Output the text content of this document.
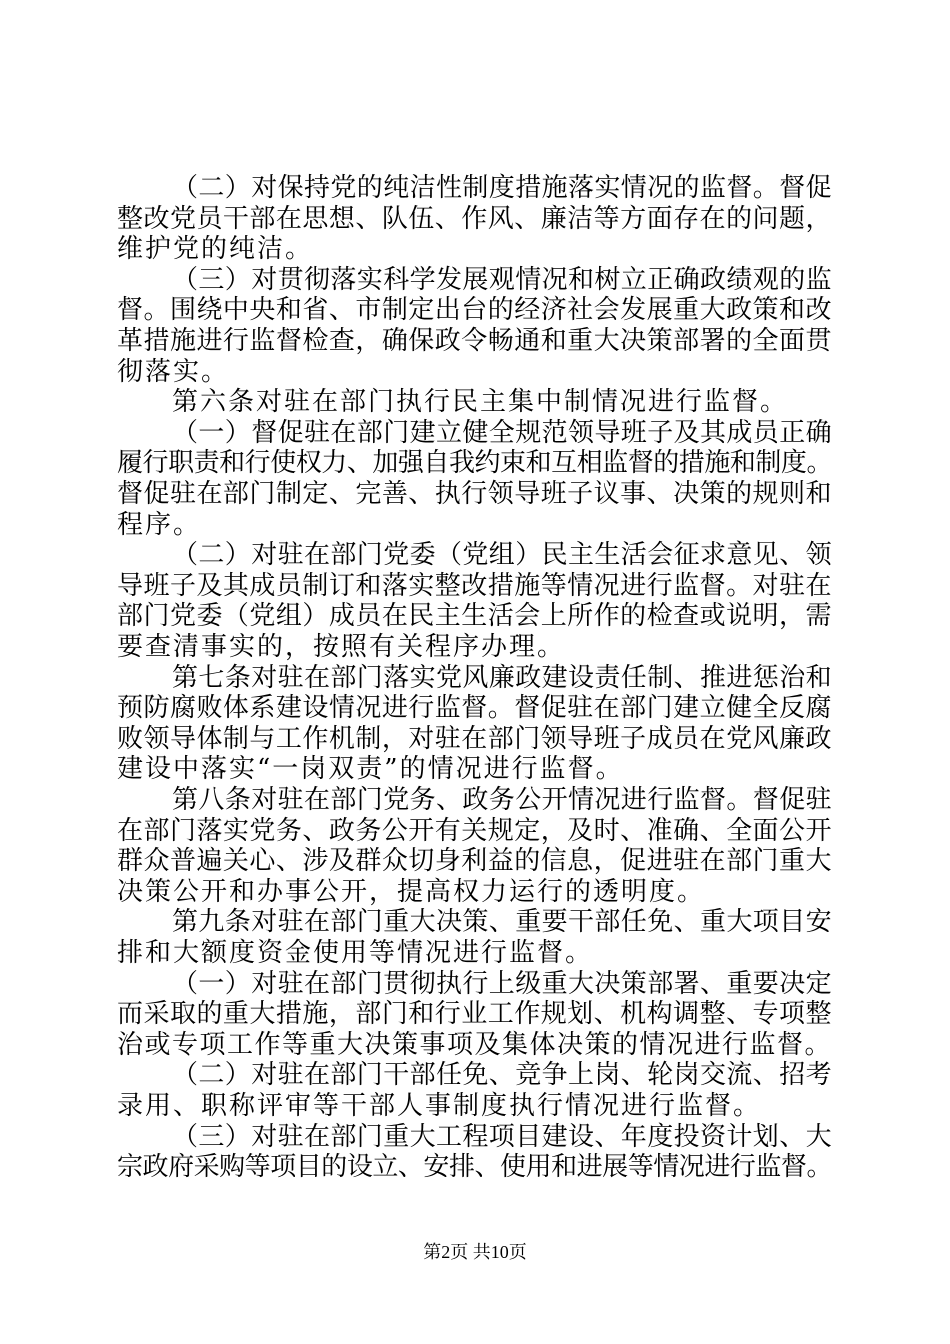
（二）对保持党的纯洁性制度措施落实情况的监督。督促
整改党员干部在思想、队伍、作风、廉洁等方面存在的问题，
维护党的纯洁。
（三）对贯彻落实科学发展观情况和树立正确政绩观的监
督。围绕中央和省、市制定出台的经济社会发展重大政策和改
革措施进行监督检查，确保政令畅通和重大决策部署的全面贯
彻落实。
第六条对驻在部门执行民主集中制情况进行监督。
（一）督促驻在部门建立健全规范领导班子及其成员正确
履行职责和行使权力、加强自我约束和互相监督的措施和制度。
督促驻在部门制定、完善、执行领导班子议事、决策的规则和
程序。
（二）对驻在部门党委（党组）民主生活会征求意见、领
导班子及其成员制订和落实整改措施等情况进行监督。对驻在
部门党委（党组）成员在民主生活会上所作的检查或说明，需
要查清事实的，按照有关程序办理。
第七条对驻在部门落实党风廉政建设责任制、推进惩治和
预防腐败体系建设情况进行监督。督促驻在部门建立健全反腐
败领导体制与工作机制，对驻在部门领导班子成员在党风廉政
建设中落实“一岗双责”的情况进行监督。
第八条对驻在部门党务、政务公开情况进行监督。督促驻
在部门落实党务、政务公开有关规定，及时、准确、全面公开
群众普遍关心、涉及群众切身利益的信息，促进驻在部门重大
决策公开和办事公开，提高权力运行的透明度。
第九条对驻在部门重大决策、重要干部任免、重大项目安
排和大额度资金使用等情况进行监督。
（一）对驻在部门贯彻执行上级重大决策部署、重要决定
而采取的重大措施，部门和行业工作规划、机构调整、专项整
治或专项工作等重大决策事项及集体决策的情况进行监督。
（二）对驻在部门干部任免、竞争上岗、轮岗交流、招考
录用、职称评审等干部人事制度执行情况进行监督。
（三）对驻在部门重大工程项目建设、年度投资计划、大
宗政府采购等项目的设立、安排、使用和进展等情况进行监督。
第2页 共10页
